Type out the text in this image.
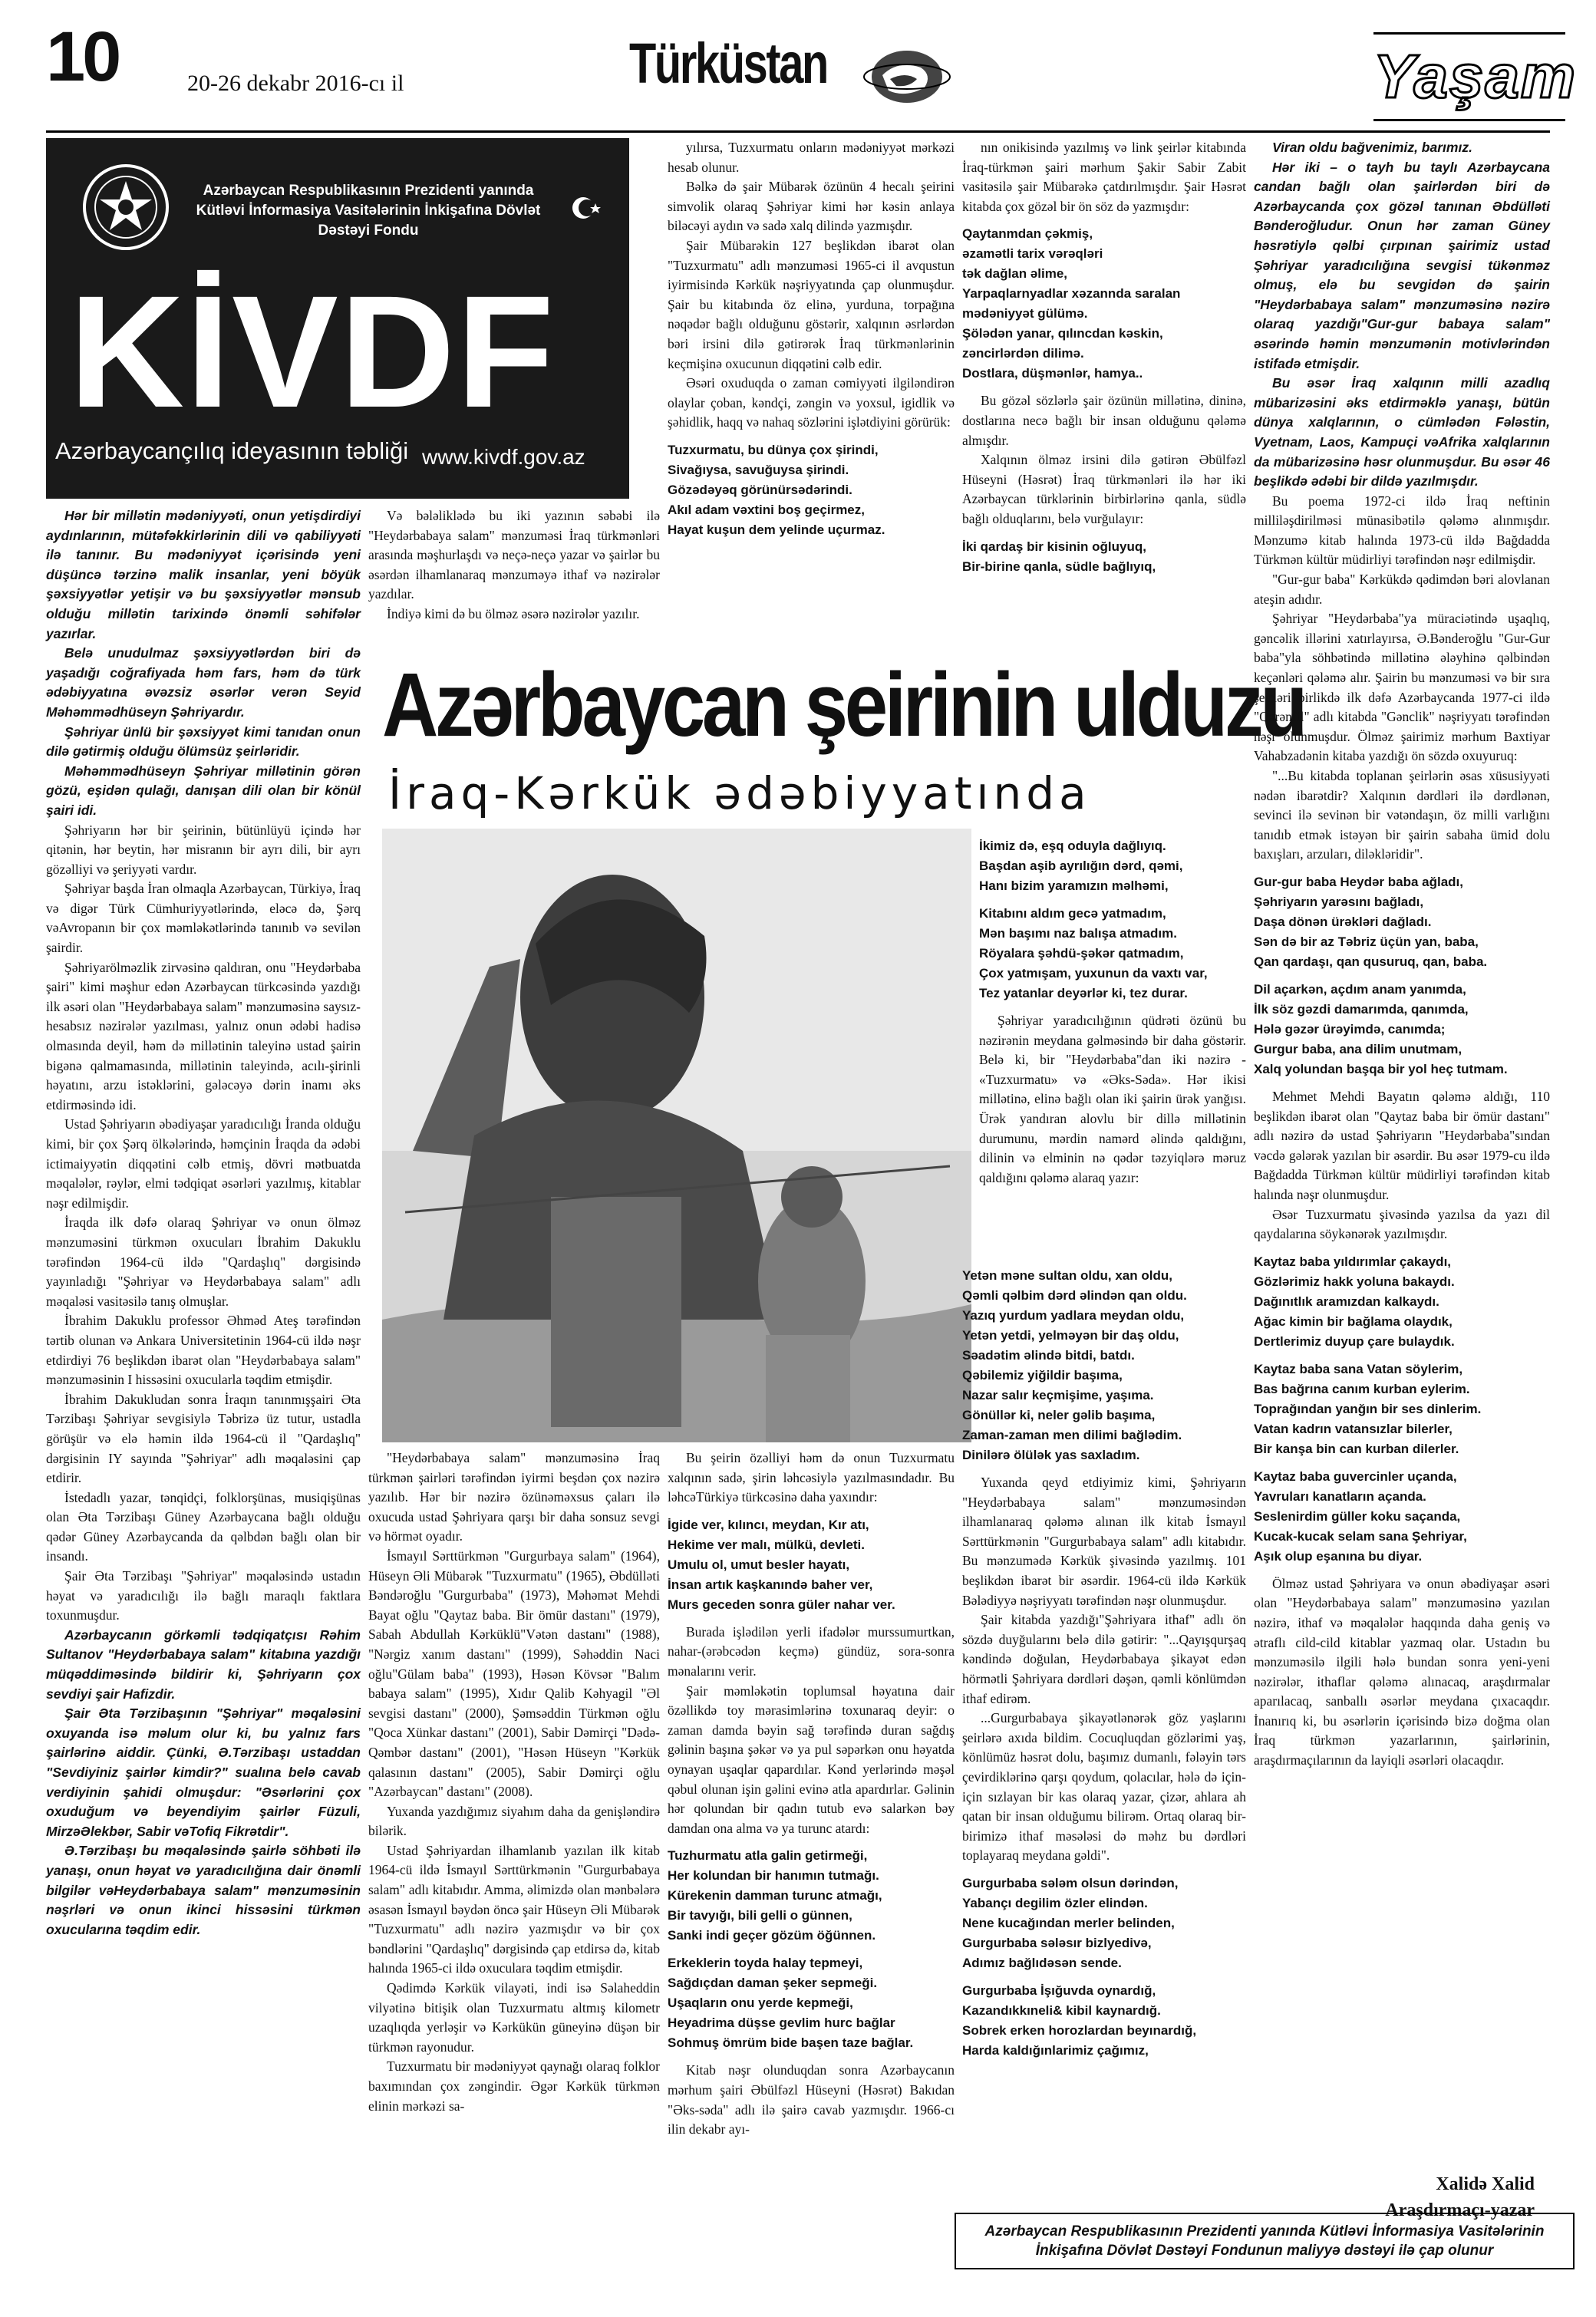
10	20-26 dekabr 2016-cı il	Türküstan	Yaşam
Azərbaycan Respublikasının Prezidenti yanında Kütləvi İnformasiya Vasitələrinin İnkişafına Dövlət Dəstəyi Fondu
KİVDF
Azərbaycançılıq ideyasının təbliği www.kivdf.gov.az

Hər bir millətin mədəniyyəti, onun yetişdirdiyi aydınlarının, mütəfəkkirlərinin dili və qabiliyyəti ilə tanınır. Bu mədəniyyət içərisində yeni düşüncə tərzinə malik insanlar, yeni böyük şəxsiyyətlər yetişir və bu şəxsiyyətlər mənsub olduğu millətin tarixində önəmli səhifələr yazırlar.

Belə unudulmaz şəxsiyyətlərdən biri də yaşadığı coğrafiyada həm fars, həm də türk ədəbiyyatına əvəzsiz əsərlər verən Seyid Məhəmmədhüseyn Şəhriyardır.

Şəhriyar ünlü bir şəxsiyyət kimi tanıdan onun dilə gətirmiş olduğu ölümsüz şeirləridir.

Məhəmmədhüseyn Şəhriyar millətinin görən gözü, eşidən qulağı, danışan dili olan bir könül şairi idi.

Şəhriyarın hər bir şeirinin, bütünlüyü içində hər qitənin, hər beytin, hər misranın bir ayrı dili, bir ayrı gözəlliyi və şeriyyəti vardır.

Şəhriyar başda İran olmaqla Azərbaycan, Türkiyə, İraq və digər Türk Cümhuriyyətlərində, eləcə də, Şərq vəAvropanın bir çox məmləkətlərində tanınıb və sevilən şairdir.

Şəhriyarölməzlik zirvəsinə qaldıran, onu "Heydərbaba şairi" kimi məşhur edən Azərbaycan türkcəsində yazdığı ilk əsəri olan "Heydərbabaya salam" mənzuməsinə saysız-hesabsız nəzirələr yazılması, yalnız onun ədəbi hadisə olmasında deyil, həm də millətinin taleyinə ustad şairin bigənə qalmamasında, millətinin taleyində, acılı-şirinli həyatını, arzu istəklərini, gələcəyə dərin inamı əks etdirməsində idi.

Ustad Şəhriyarın əbədiyaşar yaradıcılığı İranda olduğu kimi, bir çox Şərq ölkələrində, həmçinin İraqda da ədəbi ictimaiyyətin diqqətini cəlb etmiş, dövri mətbuatda məqalələr, rəylər, elmi tədqiqat əsərləri yazılmış, kitablar nəşr edilmişdir.

İraqda ilk dəfə olaraq Şəhriyar və onun ölməz mənzuməsini türkmən oxucuları İbrahim Dakuklu tərəfindən 1964-cü ildə "Qardaşlıq" dərgisində yayınladığı "Şəhriyar və Heydərbabaya salam" adlı məqaləsi vasitəsilə tanış olmuşlar.

İbrahim Dakuklu professor Əhməd Ateş tərəfindən tərtib olunan və Ankara Universitetinin 1964-cü ildə nəşr etdirdiyi 76 beşlikdən ibarət olan "Heydərbabaya salam" mənzuməsinin I hissəsini oxucularla təqdim etmişdir.

İbrahim Dakukludan sonra İraqın tanınmışşairi Əta Tərzibaşı Şəhriyar sevgisiylə Təbrizə üz tutur, ustadla görüşür və elə həmin ildə 1964-cü il "Qardaşlıq" dərgisinin IY sayında "Şəhriyar" adlı məqaləsini çap etdirir.

İstedadlı yazar, tənqidçi, folklorşünas, musiqişünas olan Əta Tərzibaşı Güney Azərbaycana bağlı olduğu qədər Güney Azərbaycanda da qəlbdən bağlı olan bir insandı.

Şair Əta Tərzibaşı "Şəhriyar" məqaləsində ustadın həyat və yaradıcılığı ilə bağlı maraqlı faktlara toxunmuşdur.

Azərbaycanın görkəmli tədqiqatçısı Rəhim Sultanov "Heydərbabaya salam" kitabına yazdığı müqəddiməsində bildirir ki, Şəhriyarın çox sevdiyi şair Hafizdir.

Şair Əta Tərzibaşının "Şəhriyar" məqaləsini oxuyanda isə məlum olur ki, bu yalnız fars şairlərinə aiddir. Çünki, Ə.Tərzibaşı ustaddan "Sevdiyiniz şairlər kimdir?" sualına belə cavab verdiyinin şahidi olmuşdur: "Əsərlərini çox oxuduğum və beyendiyim şairlər Füzuli, MirzəƏlekbər, Sabir vəTofiq Fikrətdir".

Ə.Tərzibaşı bu məqaləsində şairlə söhbəti ilə yanaşı, onun həyat və yaradıcılığına dair önəmli bilgilər vəHeydərbabaya salam" mənzuməsinin nəşrləri və onun ikinci hissəsini türkmən oxucularına təqdim edir.

Və bələliklədə bu iki yazının səbəbi ilə "Heydərbabaya salam" mənzuməsi İraq türkmənləri arasında məşhurlaşdı və neçə-neçə yazar və şairlər bu əsərdən ilhamlanaraq mənzuməyə ithaf və nəzirələr yazdılar.

İndiyə kimi də bu ölməz əsərə nəzirələr yazılır.

yılırsa, Tuzxurmatu onların mədəniyyət mərkəzi hesab olunur.

Bəlkə də şair Mübarək özünün 4 hecalı şeirini simvolik olaraq Şəhriyar kimi hər kəsin anlaya biləcəyi aydın və sadə xalq dilində yazmışdır.

Şair Mübarəkin 127 beşlikdən ibarət olan "Tuzxurmatu" adlı mənzuməsi 1965-ci il avqustun iyirmisində Kərkük nəşriyyatında çap olunmuşdur. Şair bu kitabında öz elinə, yurduna, torpağına nəqədər bağlı olduğunu göstərir, xalqının əsrlərdən bəri irsini dilə gətirərək İraq türkmənlərinin keçmişinə oxucunun diqqətini cəlb edir.

Əsəri oxuduqda o zaman cəmiyyəti ilgiləndirən olaylar çoban, kəndçi, zəngin və yoxsul, igidlik və şəhidlik, haqq və nahaq sözlərini işlətdiyini görürük:

Tuzxurmatu, bu dünya çox şirindi,
Sivağıysa, savuğuysa şirindi.
Gözədəyəq görünürsədərindi.
Akıl adam vəxtini boş geçirmez,
Hayat kuşun dem yelinde uçurmaz.

nın onikisində yazılmış və link şeirlər kitabında İraq-türkmən şairi mərhum Şakir Sabir Zabit vasitəsilə şair Mübarəkə çatdırılmışdır. Şair Həsrət kitabda çox gözəl bir ön söz də yazmışdır:

Qaytanmdan çəkmiş,
əzamətli tarix vərəqləri
tək dağlan əlime,
Yarpaqlarnyadlar xəzannda saralan
mədəniyyət gülümə.
Şölədən yanar, qılıncdan kəskin,
zəncirlərdən dilimə.
Dostlara, düşmənlər, hamya..

Bu gözəl sözlərlə şair özünün millətinə, dininə, dostlarına necə bağlı bir insan olduğunu qələmə almışdır.

Xalqının ölməz irsini dilə gətirən Əbülfəzl Hüseyni (Həsrət) İraq türkmənləri ilə hər iki Azərbaycan türklərinin birbirlərinə qanla, südlə bağlı olduqlarını, belə vurğulayır:

İki qardaş bir kisinin oğluyuq,
Bir-birine qanla, südle bağlıyıq,
Azərbaycan şeirinin ulduzu
İraq-Kərkük ədəbiyyatında
İkimiz də, eşq oduyla dağlıyıq.
Başdan aşib ayrılığın dərd, qəmi,
Hanı bizim yaramızın məlhəmi,
Kitabını aldım gecə yatmadım,
Mən başımı naz balışa atmadım.
Röyalara şəhdü-şəkər qatmadım,
Çox yatmışam, yuxunun da vaxtı var,
Tez yatanlar deyərlər ki, tez durar.

Şəhriyar yaradıcılığının qüdrəti özünü bu nəzirənin meydana gəlməsində bir daha göstərir. Belə ki, bir "Heydərbaba"dan iki nəzirə - «Tuzxurmatu» və «Əks-Səda». Hər ikisi millətinə, elinə bağlı olan iki şairin ürək yanğısı. Ürək yandıran alovlu bir dillə millətinin durumunu, mərdin namərd əlində qaldığını, dilinin və elminin nə qədər təzyiqlərə məruz qaldığını qələmə alaraq yazır:

"Heydərbabaya salam" mənzuməsinə İraq türkmən şairləri tərəfindən iyirmi beşdən çox nəzirə yazılıb. Hər bir nəzirə özünəməxsus çaları ilə oxucuda ustad Şəhriyara qarşı bir daha sonsuz sevgi və hörmət oyadır.

İsmayıl Sərttürkmən "Gurgurbaya salam" (1964), Hüseyn Əli Mübarək "Tuzxurmatu" (1965), Əbdülləti Bəndəroğlu "Gurgurbaba" (1973), Məhəmət Mehdi Bayat oğlu "Qaytaz baba. Bir ömür dastanı" (1979), Sabah Abdullah Kərküklü"Vətən dastanı" (1988), "Nərgiz xanım dastanı" (1999), Səhəddin Naci oğlu"Gülam baba" (1993), Həsən Kövsər "Balım babaya salam" (1995), Xıdır Qalib Kəhyagil "Əl sevgisi dastanı" (2000), Şəmsəddin Türkmən oğlu "Qoca Xünkar dastanı" (2001), Sabir Dəmirçi "Dədə-Qəmbər dastanı" (2001), "Həsən Hüseyn "Kərkük qalasının dastanı" (2005), Sabir Dəmirçi oğlu "Azərbaycan" dastanı" (2008).

Yuxanda yazdığımız siyahım daha da genişləndirə bilərik.

Ustad Şəhriyardan ilhamlanıb yazılan ilk kitab 1964-cü ildə İsmayıl Sərttürkmənin "Gurgurbabaya salam" adlı kitabıdır. Amma, əlimizdə olan mənbələrə əsasən İsmayıl bəydən öncə şair Hüseyn Əli Mübarək "Tuzxurmatu" adlı nəzirə yazmışdır və bir çox bəndlərini "Qardaşlıq" dərgisində çap etdirsə də, kitab halında 1965-ci ildə oxuculara təqdim etmişdir.

Qədimdə Kərkük vilayəti, indi isə Səlaheddin vilyətinə bitişik olan Tuzxurmatu altmış kilometr uzaqlıqda yerləşir və Kərkükün güneyinə düşən bir türkmən rayonudur.

Tuzxurmatu bir mədəniyyət qaynağı olaraq folklor baxımından çox zəngindir. Əgər Kərkük türkmən elinin mərkəzi sa-

Bu şeirin özəlliyi həm də onun Tuzxurmatu xalqının sadə, şirin ləhcəsiylə yazılmasındadır. Bu ləhcəTürkiyə türkcəsinə daha yaxındır:

İgide ver, kılıncı, meydan, Kır atı,
Hekime ver malı, mülkü, devleti.
Umulu ol, umut besler hayatı,
İnsan artık kaşkanındə baher ver,
Murs geceden sonra güler nahar ver.

Burada işlədilən yerli ifadələr murssumurtkan, nahar-(ərəbcədən keçmə) gündüz, sora-sonra mənalarını verir.

Şair məmləkətin toplumsal həyatına dair özəllikdə toy mərasimlərinə toxunaraq deyir: o zaman damda bəyin sağ tərəfində duran sağdış gəlinin başına şəkər və ya pul səpərkən onu həyatda oynayan uşaqlar qapardılar. Kənd yerlərində məşəl qəbul olunan işin gəlini evinə atla apardırlar. Gəlinin hər qolundan bir qadın tutub evə salarkən bəy damdan ona alma və ya turunc atardı:

Tuzhurmatu atla galin getirmeği,
Her kolundan bir hanımın tutmağı.
Kürekenin damman turunc atmağı,
Bir tavyığı, bili gelli o günnen,
Sanki indi geçer gözüm öğünnen.
Erkeklerin toyda halay tepmeyi,
Sağdıçdan daman şeker sepmeği.
Uşaqların onu yerde kepmeği,
Heyadrima düşse gevlim hurc bağlar
Sohmuş ömrüm bide başen taze bağlar.

Kitab nəşr olunduqdan sonra Azərbaycanın mərhum şairi Əbülfəzl Hüseyni (Həsrət) Bakıdan "Əks-səda" adlı ilə şairə cavab yazmışdır. 1966-cı ilin dekabr ayı-

Yetən məne sultan oldu, xan oldu,
Qəmli qəlbim dərd əlindən qan oldu.
Yazıq yurdum yadlara meydan oldu,
Yetən yetdi, yelməyən bir daş oldu,
Səadətim əlində bitdi, batdı.
Qəbilemiz yiğildir başıma,
Nazar salır keçmişime, yaşıma.
Gönüllər ki, neler gəlib başıma,
Zaman-zaman men dilimi bağlədim.
Dinilərə ölülək yas saxladım.

Yuxanda qeyd etdiyimiz kimi, Şəhriyarın "Heydərbabaya salam" mənzuməsindən ilhamlanaraq qələmə alınan ilk kitab İsmayıl Sərttürkmənin "Gurgurbabaya salam" adlı kitabıdır. Bu mənzumədə Kərkük şivəsində yazılmış. 101 beşlikdən ibarət bir əsərdir. 1964-cü ildə Kərkük Bələdiyyə nəşriyyatı tərəfindən nəşr olunmuşdur.

Şair kitabda yazdığı"Şəhriyara ithaf" adlı ön sözdə duyğularını belə dilə gətirir: "...Qayışqurşaq kəndində doğulan, Heydərbabaya şikayət edən hörmətli Şəhriyara dərdləri dəşən, qəmli könlümdən ithaf edirəm.

...Gurgurbabaya şikayətlənərək göz yaşlarını şeirlərə axıda bildim. Cocuqluqdan gözlərimi yaş, könlümüz həsrət dolu, başımız dumanlı, fələyin tərs çevirdiklərinə qarşı qoydum, qolacılar, hələ də için-için sızlayan bir kas olaraq yazar, çizər, ahlara ah qatan bir insan olduğumu bilirəm. Ortaq olaraq bir-birimizə ithaf məsələsi də məhz bu dərdləri toplayaraq meydana gəldi".

Gurgurbaba sələm olsun dərindən,
Yabançı degilim özler elindən.
Nene kucağından merler belinden,
Gurgurbaba sələsır bizlyedivə,
Adımız bağlıdəsən sende.
Gurgurbaba İşığuvda oynardığ,
Kazandıkkıneli& kibil kaynardığ.
Sobrek erken horozlardan beyınardığ,
Harda kaldığınlarimiz çağımız,

Viran oldu bağvenimiz, barımız.

Hər iki – o tayh bu taylı Azərbaycana candan bağlı olan şairlərdən biri də Azərbaycanda çox gözəl tanınan Əbdülləti Bənderoğludur. Onun hər zaman Güney həsrətiylə qəlbi çırpınan şairimiz ustad Şəhriyar yaradıcılığına sevgisi tükənməz olmuş, elə bu sevgidən də şairin "Heydərbabaya salam" mənzuməsinə nəzirə olaraq yazdığı"Gur-gur babaya salam" əsərində həmin mənzumənin motivlərindən istifadə etmişdir.

Bu əsər İraq xalqının milli azadlıq mübarizəsini əks etdirməklə yanaşı, bütün dünya xalqlarının, o cümlədən Fələstin, Vyetnam, Laos, Kampuçi vəAfrika xalqlarının da mübarizəsinə həsr olunmuşdur. Bu əsər 46 beşlikdə ədəbi bir dildə yazılmışdır.

Bu poema 1972-ci ildə İraq neftinin milliləşdirilməsi münasibətilə qələmə alınmışdır. Mənzumə kitab halında 1973-cü ildə Bağdadda Türkmən kültür müdirliyi tərəfindən nəşr edilmişdir.

"Gur-gur baba" Kərkükdə qədimdən bəri alovlanan ateşin adıdır.

Şəhriyar "Heydərbaba"ya müraciətində uşaqlıq, gəncəlik illərini xatırlayırsa, Ə.Bənderoğlu "Gur-Gur baba"yla söhbətində millətinə ələyhinə qəlbindən keçənləri qələmə alır. Şairin bu mənzuməsi və bir sıra şeirləri birlikdə ilk dəfə Azərbaycanda 1977-ci ildə "Qərənfil" adlı kitabda "Gənclik" nəşriyyatı tərəfindən nəşr olunmuşdur. Ölməz şairimiz mərhum Baxtiyar Vahabzadənin kitaba yazdığı ön sözdə oxuyuruq:

"...Bu kitabda toplanan şeirlərin əsas xüsusiyyəti nədən ibarətdir? Xalqının dərdləri ilə dərdlənən, sevinci ilə sevinən bir vətəndaşın, öz milli varlığını tanıdıb etmək istəyən bir şairin sabaha ümid dolu baxışları, arzuları, diləkləridir".

Gur-gur baba Heydər baba ağladı,
Şəhriyarın yarəsını bağladı,
Daşa dönən ürəkləri dağladı.
Sən də bir az Təbriz üçün yan, baba,
Qan qardaşı, qan qusuruq, qan, baba.
Dil açarkən, açdım anam yanımda,
İlk söz gəzdi damarımda, qanımda,
Hələ gəzər ürəyimdə, canımda;
Gurgur baba, ana dilim unutmam,
Xalq yolundan başqa bir yol heç tutmam.

Mehmet Mehdi Bayatın qələmə aldığı, 110 beşlikdən ibarət olan "Qaytaz baba bir ömür dastanı" adlı nəzirə də ustad Şəhriyarın "Heydərbaba"sından vəcdə gələrək yazılan bir əsərdir. Bu əsər 1979-cu ildə Bağdadda Türkmən kültür müdirliyi tərəfindən kitab halında nəşr olunmuşdur.

Əsər Tuzxurmatu şivəsində yazılsa da yazı dil qaydalarına söykənərək yazılmışdır.

Kaytaz baba yıldırımlar çakaydı,
Gözlərimiz hakk yoluna bakaydı.
Dağınıtlık aramızdan kalkaydı.
Ağac kimin bir bağlama olaydık,
Dertlerimiz duyup çare bulaydık.
Kaytaz baba sana Vatan söylerim,
Bas bağrına canım kurban eylerim.
Toprağından yanğın bir ses dinlerim.
Vatan kadrın vatansızlar bilerler,
Bir kanşa bin can kurban dilerler.
Kaytaz baba guvercinler uçanda,
Yavruları kanatların açanda.
Seslenirdim güller koku saçanda,
Kucak-kucak selam sana Şehriyar,
Aşık olup eşanına bu diyar.

Ölməz ustad Şəhriyara və onun əbədiyaşar əsəri olan "Heydərbabaya salam" mənzuməsinə yazılan nəzirə, ithaf və məqalələr haqqında daha geniş və ətraflı cild-cild kitablar yazmaq olar. Ustadın bu mənzuməsilə ilgili hələ bundan sonra yeni-yeni nəzirələr, ithaflar qələmə alınacaq, araşdırmalar aparılacaq, sanballı əsərlər meydana çıxacaqdır. İnanırıq ki, bu əsərlərin içərisində bizə doğma olan İraq türkmən yazarlarının, şairlərinin, araşdırmaçılarının da layiqli əsərləri olacaqdır.

Xalidə Xalid
Araşdırmaçı-yazar
Azərbaycan Respublikasının Prezidenti yanında Kütləvi İnformasiya Vasitələrinin İnkişafına Dövlət Dəstəyi Fondunun maliyyə dəstəyi ilə çap olunur
